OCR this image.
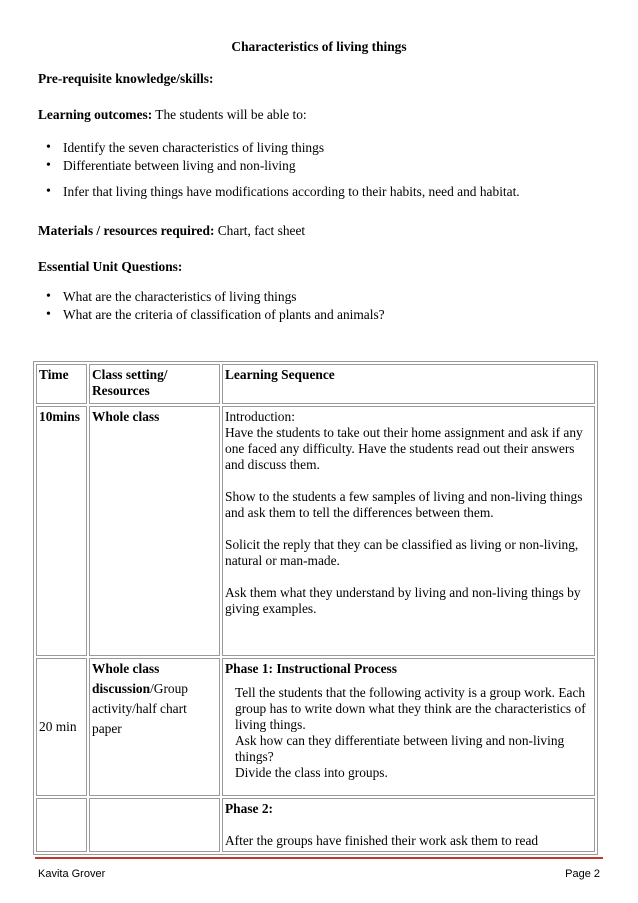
Characteristics of living things
Pre-requisite knowledge/skills:
Learning outcomes: The students will be able to:
• Identify the seven characteristics of living things
• Differentiate between living and non-living
• Infer that living things have modifications according to their habits, need and habitat.
Materials / resources required: Chart, fact sheet
Essential Unit Questions:
• What are the characteristics of living things
• What are the criteria of classification of plants and animals?
Time	Class setting/ Resources	Learning Sequence
10mins	Whole class	Introduction:

Have the students to take out their home assignment and ask if any one faced any difficulty. Have the students read out their answers and discuss them.

Show to the students a few samples of living and non-living things and ask them to tell the differences between them.

Solicit the reply that they can be classified as living or non-living, natural or man-made.

Ask them what they understand by living and non-living things by giving examples.

20 min	Whole class discussion/Group activity/half chart paper	Phase 1: Instructional Process

Tell the students that the following activity is a group work. Each group has to write down what they think are the characteristics of living things.

Ask how can they differentiate between living and non-living things?

Divide the class into groups.

		Phase 2:

After the groups have finished their work ask them to read

Kavita Grover	Page 2
